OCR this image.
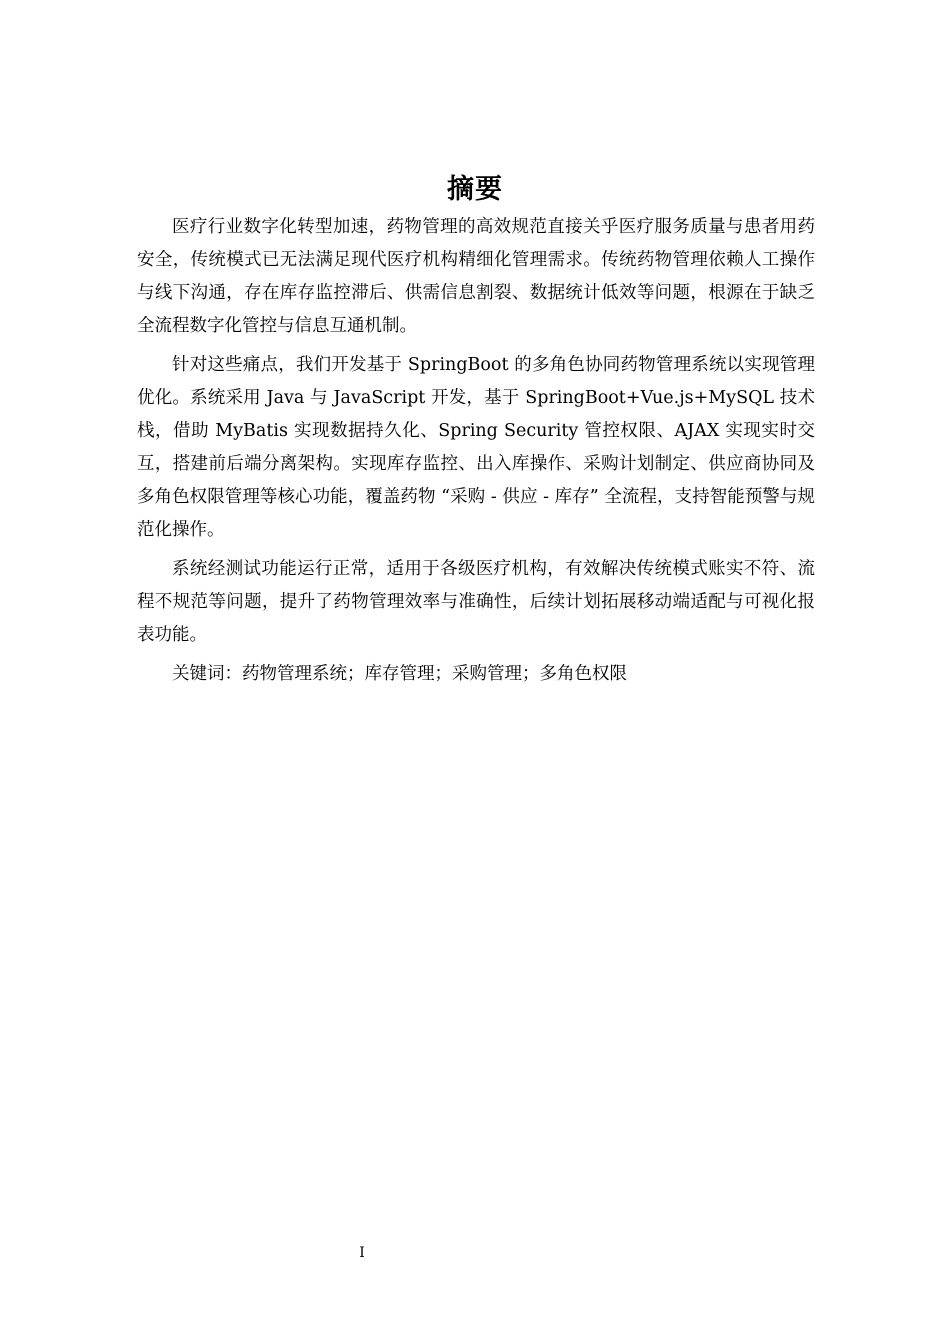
摘要

医疗行业数字化转型加速，药物管理的高效规范直接关乎医疗服务质量与患者用药安全，传统模式已无法满足现代医疗机构精细化管理需求。传统药物管理依赖人工操作与线下沟通，存在库存监控滞后、供需信息割裂、数据统计低效等问题，根源在于缺乏全流程数字化管控与信息互通机制。

针对这些痛点，我们开发基于 SpringBoot 的多角色协同药物管理系统以实现管理优化。系统采用 Java 与 JavaScript 开发，基于 SpringBoot+Vue.js+MySQL 技术栈，借助 MyBatis 实现数据持久化、Spring Security 管控权限、AJAX 实现实时交互，搭建前后端分离架构。实现库存监控、出入库操作、采购计划制定、供应商协同及多角色权限管理等核心功能，覆盖药物 “采购 - 供应 - 库存” 全流程，支持智能预警与规范化操作。

系统经测试功能运行正常，适用于各级医疗机构，有效解决传统模式账实不符、流程不规范等问题，提升了药物管理效率与准确性，后续计划拓展移动端适配与可视化报表功能。

关键词：药物管理系统；库存管理；采购管理；多角色权限

I
